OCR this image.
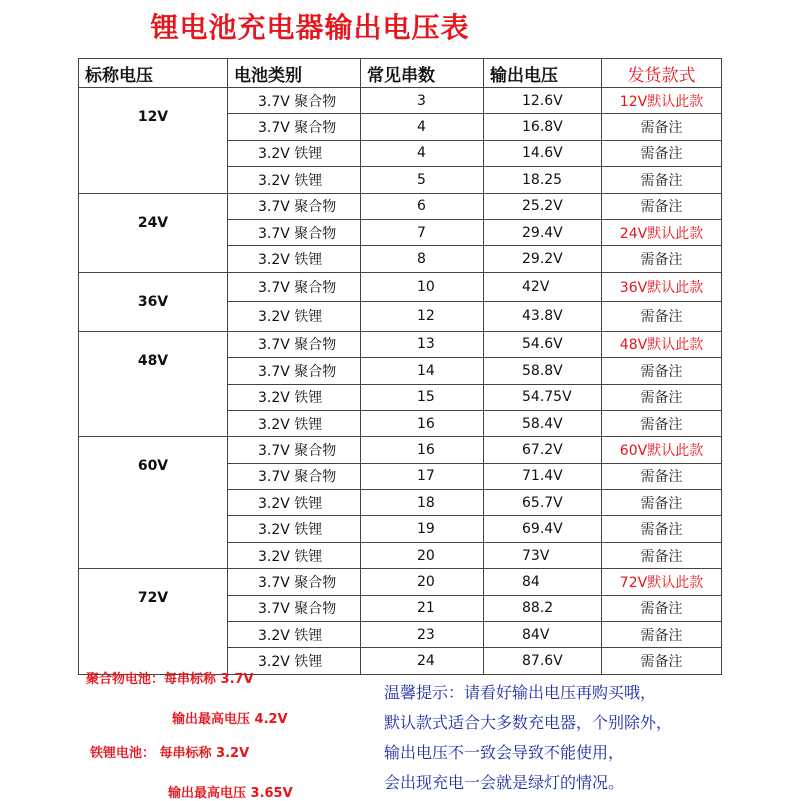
锂电池充电器输出电压表
标称电压	电池类别	常见串数	输出电压	发货款式
12V	3.7V 聚合物	3	12.6V	12V默认此款
	3.7V 聚合物	4	16.8V	需备注
	3.2V 铁锂	4	14.6V	需备注
	3.2V 铁锂	5	18.25	需备注
24V	3.7V 聚合物	6	25.2V	需备注
	3.7V 聚合物	7	29.4V	24V默认此款
	3.2V 铁锂	8	29.2V	需备注
36V	3.7V 聚合物	10	42V	36V默认此款
	3.2V 铁锂	12	43.8V	需备注
48V	3.7V 聚合物	13	54.6V	48V默认此款
	3.7V 聚合物	14	58.8V	需备注
	3.2V 铁锂	15	54.75V	需备注
	3.2V 铁锂	16	58.4V	需备注
60V	3.7V 聚合物	16	67.2V	60V默认此款
	3.7V 聚合物	17	71.4V	需备注
	3.2V 铁锂	18	65.7V	需备注
	3.2V 铁锂	19	69.4V	需备注
	3.2V 铁锂	20	73V	需备注
72V	3.7V 聚合物	20	84	72V默认此款
	3.7V 聚合物	21	88.2	需备注
	3.2V 铁锂	23	84V	需备注
	3.2V 铁锂	24	87.6V	需备注
聚合物电池：每串标称 3.7V
输出最高电压 4.2V
铁锂电池： 每串标称 3.2V
输出最高电压 3.65V
温馨提示：请看好输出电压再购买哦，
默认款式适合大多数充电器，个别除外，
输出电压不一致会导致不能使用，
会出现充电一会就是绿灯的情况。
